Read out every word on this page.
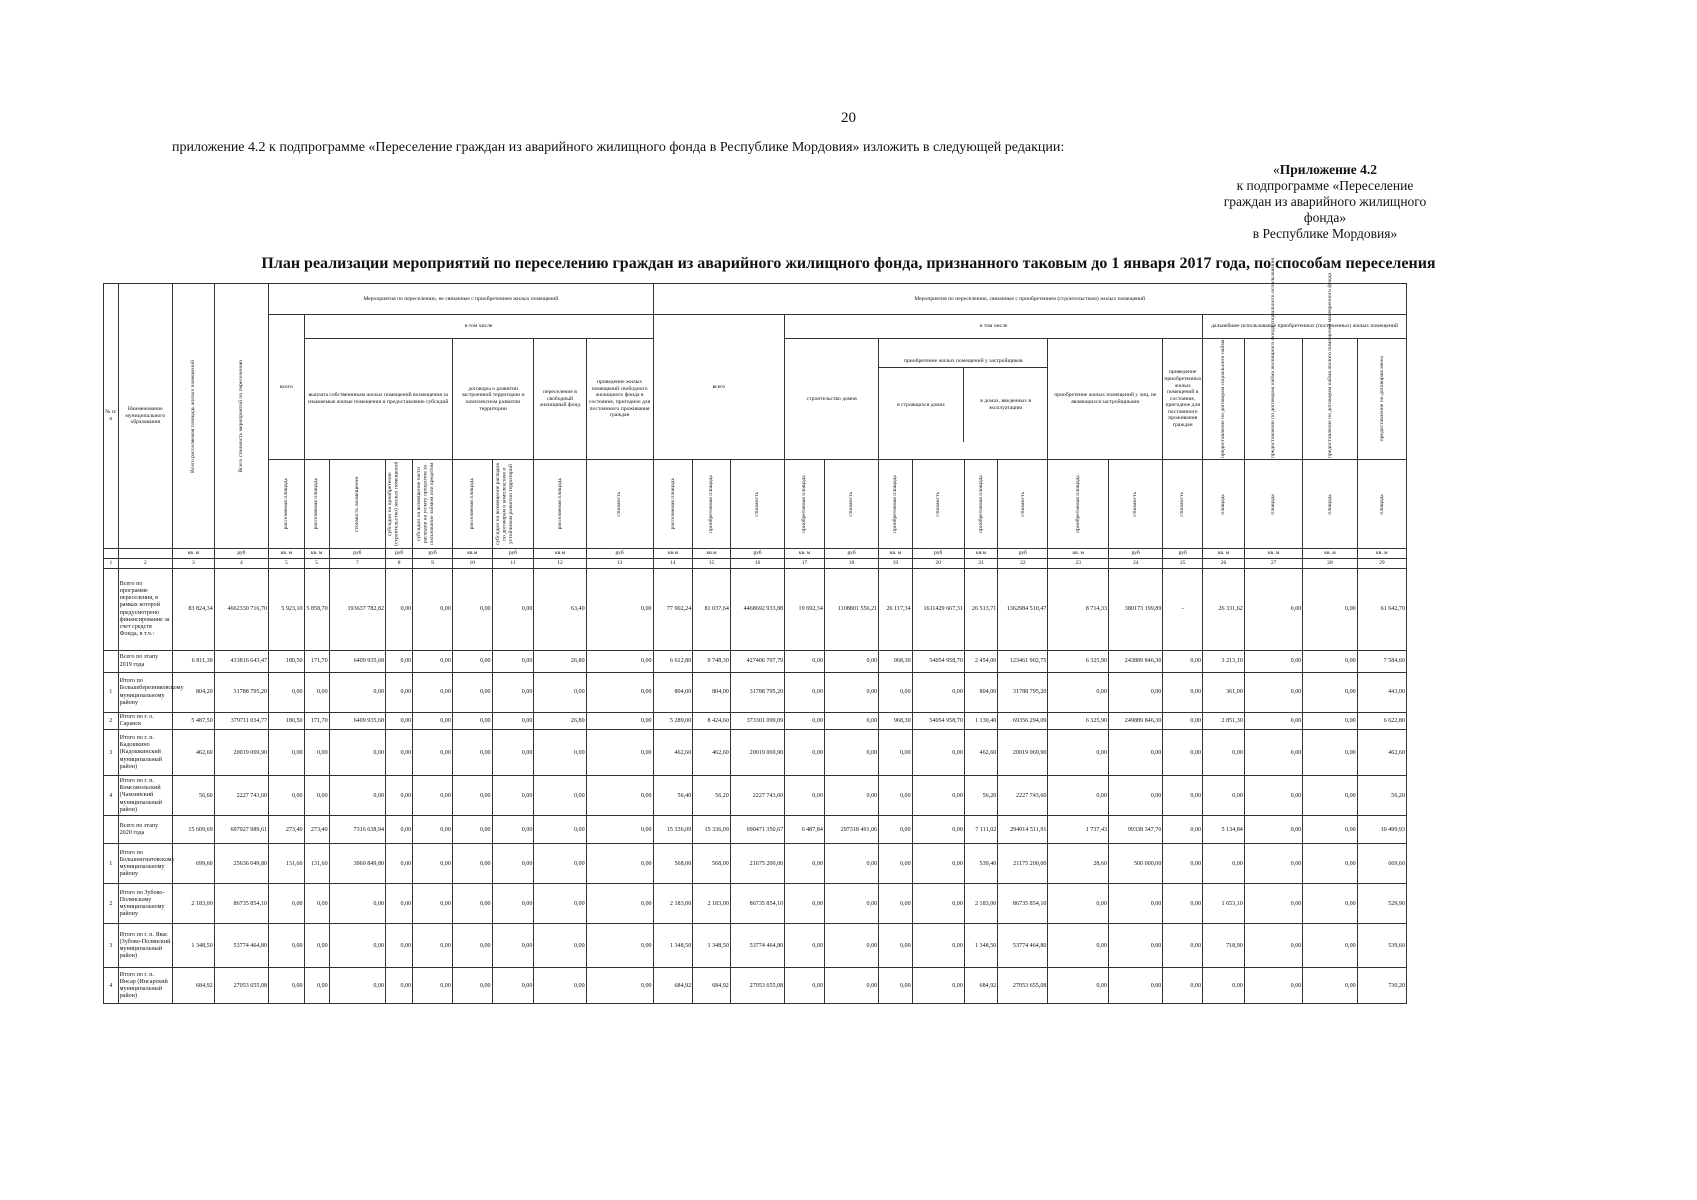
20
приложение 4.2 к подпрограмме «Переселение граждан из аварийного жилищного фонда в Республике Мордовия» изложить в следующей редакции:
«Приложение 4.2
к подпрограмме «Переселение
граждан из аварийного жилищного
фонда»
в Республике Мордовия»
План реализации мероприятий по переселению граждан из аварийного жилищного фонда, признанного таковым до 1 января 2017 года, по способам переселения
№ п/п	Наименование муниципального образования	Всего расселяемая площадь жилых помещений	Всего стоимость мероприятий по переселению
	Мероприятия по переселению, не связанные с приобретением жилых помещений	Мероприятия по переселению, связанные с приобретением (строительством) жилых помещений
всего	в том числе	всего	в том числе	дальнейшее использование приобретенных (построенных) жилых помещений
выплата собственникам жилых помещений возмещения за изымаемые жилые помещения и предоставление субсидий	договоры о развитии застроенной территории и комплексном развитии территории	переселение в свободный жилищный фонд	приведение жилых помещений свободного жилищного фонда в состояние, пригодное для постоянного проживания граждан	строительство домов	
приобретение жилых помещений у застройщиков
в строящихся домах	в домах, введенных в эксплуатацию
	приобретение жилых помещений у лиц, не являющихся застройщиками	приведение приобретенных жилых помещений в состояние, пригодное для постоянного проживания граждан	предоставление по договорам социального найма	предоставление по договорам найма жилищного фонда социального использования	предоставление по договорам найма жилого помещения маневренного фонда	предоставление по договорам мены

расселяемая площадь	расселяемая площадь	стоимость возмещения	субсидии на приобретение (строительство) жилых помещений	субсидии на возмещение части расходов на уплату процентов за пользование займом или кредитом	расселяемая площадь	субсидии на возмещение расходов по договорам о комплексном и устойчивом развитии территорий	расселяемая площадь	стоимость	расселяемая площадь	приобретаемая площадь	стоимость	приобретаемая площадь	стоимость	приобретаемая площадь	стоимость	приобретаемая площадь	стоимость	приобретаемая площадь	стоимость	стоимость	площадь	площадь	площадь	площадь

		кв. м	руб	кв. м	кв. м	руб	руб	руб	кв.м	руб	кв.м	руб	кв.м	кв.м	руб	кв. м	руб	кв. м	руб	кв.м	руб	кв. м	руб	руб	кв. м	кв. м	кв. м	кв. м
1	2	3	4	5	5	7	8	9	10	11	12	13	14	15	16	17	18	19	20	21	22	23	24	25	26	27	28	29
	Всего по программе переселения, в рамках которой предусмотрено финансирование за счет средств Фонда, в т.ч.:	83 824,34	4662330 716,70	5 923,10	5 858,70	193637 782,82	0,00	0,00	0,00	0,00	63,40	0,00	77 902,24	81 037,64	4468692 933,88	19 692,34	1108801 556,21	26 117,34	1611429 667,31	26 513,71	1362984 510,47	8 714,33	380173 199,89	-	26 331,62	0,00	0,00	61 642,70
	Всего по этапу 2019 года	6 811,30	433816 643,47	180,50	171,70	6409 935,68	0,00	0,00	0,00	0,00	26,80	0,00	6 612,80	9 748,30	427406 707,79	0,00	0,00	968,30	54054 958,70	2 454,00	123461 902,75	6 325,90	243889 846,30	0,00	3 213,10	0,00	0,00	7 584,60
1	Итого по Большеберезниковскому муниципальному району	804,20	31788 795,20	0,00	0,00	0,00	0,00	0,00	0,00	0,00	0,00	0,00	804,00	804,00	31788 795,20	0,00	0,00	0,00	0,00	804,00	31788 795,20	0,00	0,00	0,00	361,00	0,00	0,00	443,00
2	Итого по г. о. Саранск	5 487,50	379711 034,77	180,50	171,70	6409 935,68	0,00	0,00	0,00	0,00	26,80	0,00	5 289,00	8 424,60	373301 099,09	0,00	0,00	968,30	54054 958,70	1 130,40	69356 294,09	6 325,90	249889 846,30	0,00	2 851,30	0,00	0,00	6 622,80
3	Итого по г. п. Кадошкино (Кадошкинский муниципальный район)	462,60	20019 069,90	0,00	0,00	0,00	0,00	0,00	0,00	0,00	0,00	0,00	462,60	462,60	20019 069,90	0,00	0,00	0,00	0,00	462,60	20019 069,90	0,00	0,00	0,00	0,00	0,00	0,00	462,60
4	Итого по г. п. Комсомольский (Чамзинский муниципальный район)	56,60	2227 743,60	0,00	0,00	0,00	0,00	0,00	0,00	0,00	0,00	0,00	56,40	56,20	2227 743,60	0,00	0,00	0,00	0,00	56,20	2227 743,60	0,00	0,00	0,00	0,00	0,00	0,00	56,20
	Всего по этапу 2020 года	15 609,69	697927 989,61	273,40	273,40	7316 638,94	0,00	0,00	0,00	0,00	0,00	0,00	15 336,09	15 336,09	690471 350,67	6 487,84	297318 491,06	0,00	0,00	7 111,02	294014 511,91	1 737,43	99338 347,70	0,00	5 134,84	0,00	0,00	10 499,93
1	Итого по Большеигнатовскому муниципальному району	699,60	25636 049,80	131,60	131,60	3960 849,80	0,00	0,00	0,00	0,00	0,00	0,00	568,00	568,00	21675 200,00	0,00	0,00	0,00	0,00	539,40	21175 200,00	28,60	500 000,00	0,00	0,00	0,00	0,00	669,60
2	Итого по Зубово-Полянскому муниципальному району	2 183,00	86735 854,10	0,00	0,00	0,00	0,00	0,00	0,00	0,00	0,00	0,00	2 183,00	2 183,00	86735 854,10	0,00	0,00	0,00	0,00	2 183,00	86735 854,10	0,00	0,00	0,00	1 653,10	0,00	0,00	529,90
3	Итого по г. п. Явас (Зубово-Полянский муниципальный район)	1 348,50	53774 464,80	0,00	0,00	0,00	0,00	0,00	0,00	0,00	0,00	0,00	1 348,50	1 348,50	53774 464,80	0,00	0,00	0,00	0,00	1 348,50	53774 464,80	0,00	0,00	0,00	718,90	0,00	0,00	539,60
4	Итого по г. п. Инсар (Инсарский муниципальный район)	684,92	27053 655,08	0,00	0,00	0,00	0,00	0,00	0,00	0,00	0,00	0,00	684,92	684,92	27053 655,08	0,00	0,00	0,00	0,00	684,92	27053 655,08	0,00	0,00	0,00	0,00	0,00	0,00	730,20
